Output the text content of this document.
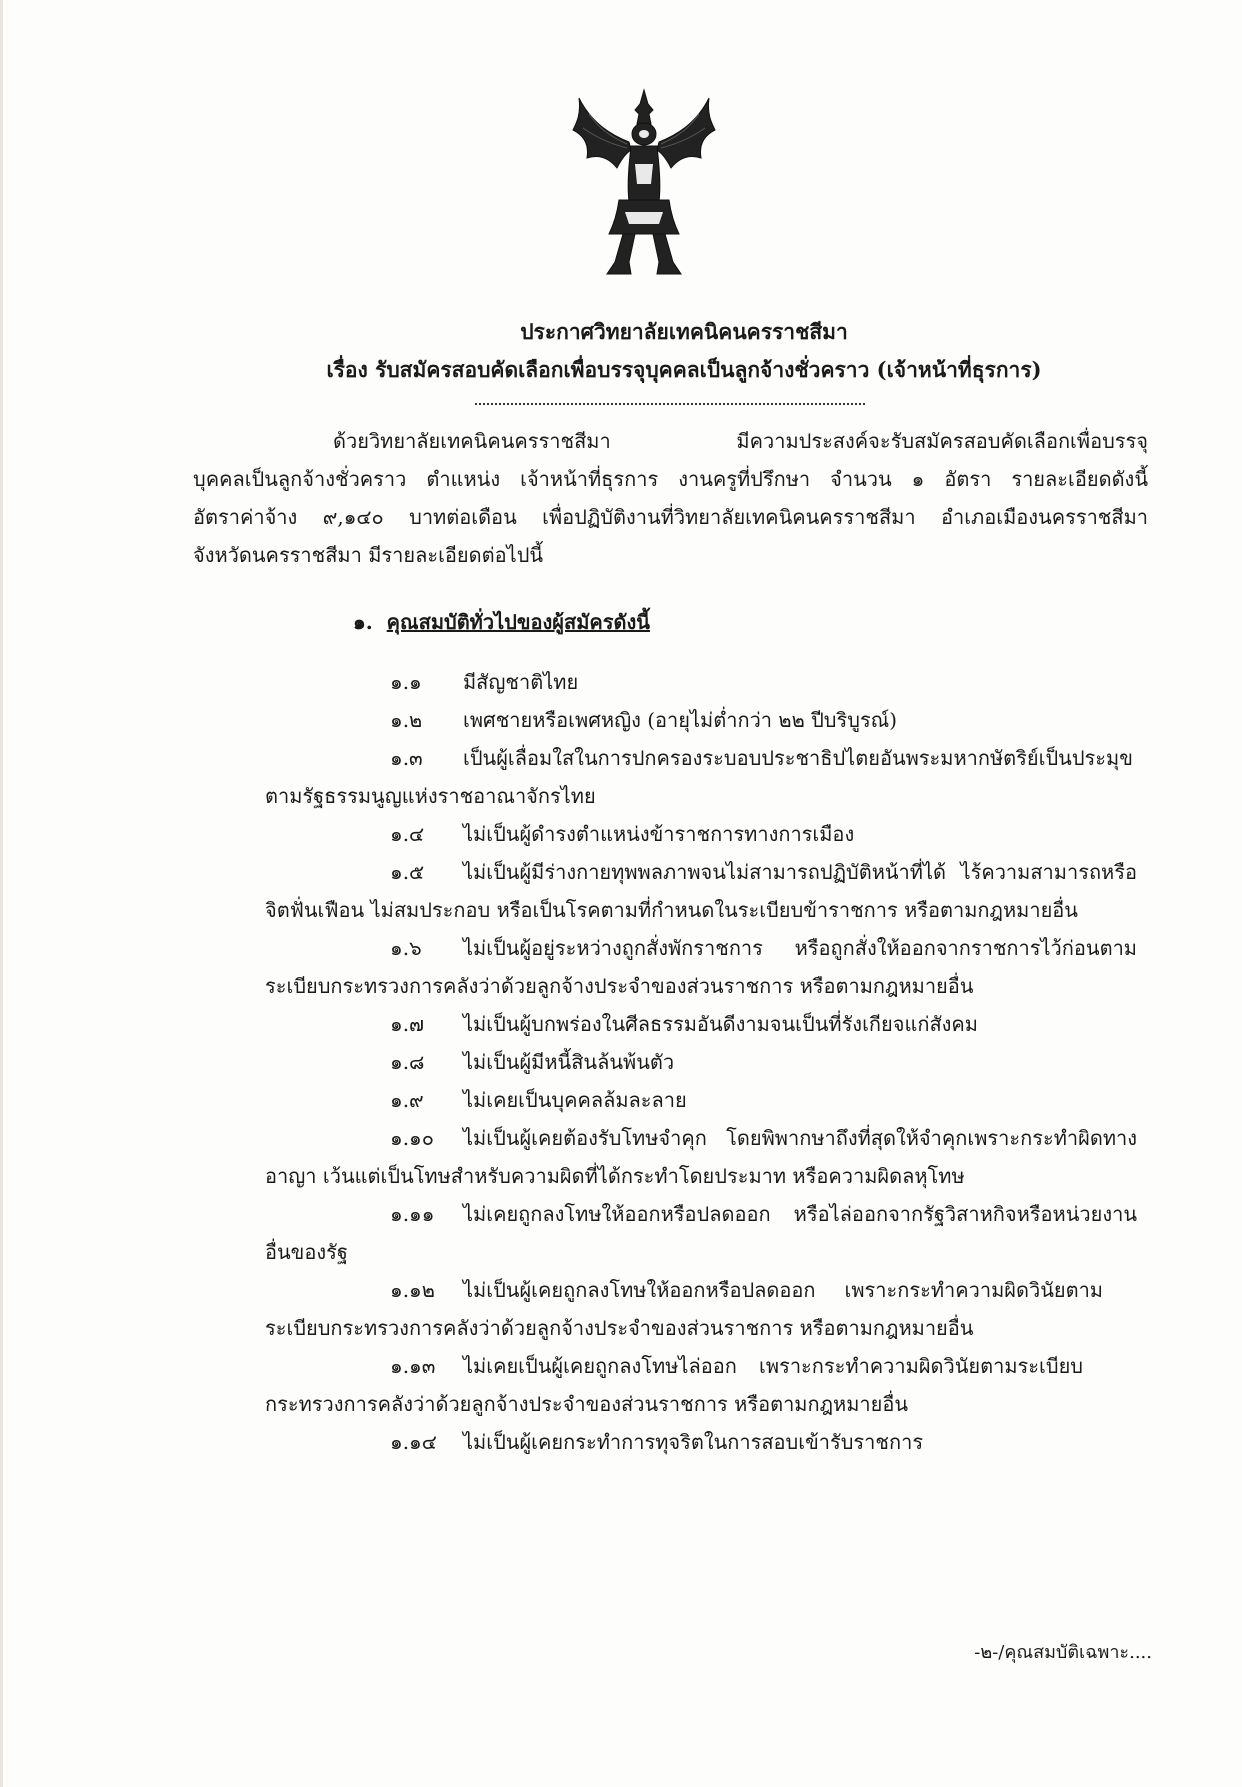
ประกาศวิทยาลัยเทคนิคนครราชสีมา
เรื่อง รับสมัครสอบคัดเลือกเพื่อบรรจุบุคคลเป็นลูกจ้างชั่วคราว (เจ้าหน้าที่ธุรการ)
ด้วยวิทยาลัยเทคนิคนครราชสีมา มีความประสงค์จะรับสมัครสอบคัดเลือกเพื่อบรรจุ
บุคคลเป็นลูกจ้างชั่วคราว ตำแหน่ง เจ้าหน้าที่ธุรการ งานครูที่ปรึกษา จำนวน ๑ อัตรา รายละเอียดดังนี้
อัตราค่าจ้าง ๙,๑๔๐ บาทต่อเดือน เพื่อปฏิบัติงานที่วิทยาลัยเทคนิคนครราชสีมา อำเภอเมืองนครราชสีมา
จังหวัดนครราชสีมา มีรายละเอียดต่อไปนี้
๑. คุณสมบัติทั่วไปของผู้สมัครดังนี้
๑.๑ มีสัญชาติไทย
๑.๒ เพศชายหรือเพศหญิง (อายุไม่ต่ำกว่า ๒๒ ปีบริบูรณ์)
๑.๓ เป็นผู้เลื่อมใสในการปกครองระบอบประชาธิปไตยอันพระมหากษัตริย์เป็นประมุข
ตามรัฐธรรมนูญแห่งราชอาณาจักรไทย
๑.๔ ไม่เป็นผู้ดำรงตำแหน่งข้าราชการทางการเมือง
๑.๕ ไม่เป็นผู้มีร่างกายทุพพลภาพจนไม่สามารถปฏิบัติหน้าที่ได้ ไร้ความสามารถหรือ
จิตฟั่นเฟือน ไม่สมประกอบ หรือเป็นโรคตามที่กำหนดในระเบียบข้าราชการ หรือตามกฎหมายอื่น
๑.๖ ไม่เป็นผู้อยู่ระหว่างถูกสั่งพักราชการ หรือถูกสั่งให้ออกจากราชการไว้ก่อนตาม
ระเบียบกระทรวงการคลังว่าด้วยลูกจ้างประจำของส่วนราชการ หรือตามกฎหมายอื่น
๑.๗ ไม่เป็นผู้บกพร่องในศีลธรรมอันดีงามจนเป็นที่รังเกียจแก่สังคม
๑.๘ ไม่เป็นผู้มีหนี้สินล้นพ้นตัว
๑.๙ ไม่เคยเป็นบุคคลล้มละลาย
๑.๑๐ ไม่เป็นผู้เคยต้องรับโทษจำคุก โดยพิพากษาถึงที่สุดให้จำคุกเพราะกระทำผิดทาง
อาญา เว้นแต่เป็นโทษสำหรับความผิดที่ได้กระทำโดยประมาท หรือความผิดลหุโทษ
๑.๑๑ ไม่เคยถูกลงโทษให้ออกหรือปลดออก หรือไล่ออกจากรัฐวิสาหกิจหรือหน่วยงาน
อื่นของรัฐ
๑.๑๒ ไม่เป็นผู้เคยถูกลงโทษให้ออกหรือปลดออก เพราะกระทำความผิดวินัยตาม
ระเบียบกระทรวงการคลังว่าด้วยลูกจ้างประจำของส่วนราชการ หรือตามกฎหมายอื่น
๑.๑๓ ไม่เคยเป็นผู้เคยถูกลงโทษไล่ออก เพราะกระทำความผิดวินัยตามระเบียบ
กระทรวงการคลังว่าด้วยลูกจ้างประจำของส่วนราชการ หรือตามกฎหมายอื่น
๑.๑๔ ไม่เป็นผู้เคยกระทำการทุจริตในการสอบเข้ารับราชการ
-๒-/คุณสมบัติเฉพาะ....
